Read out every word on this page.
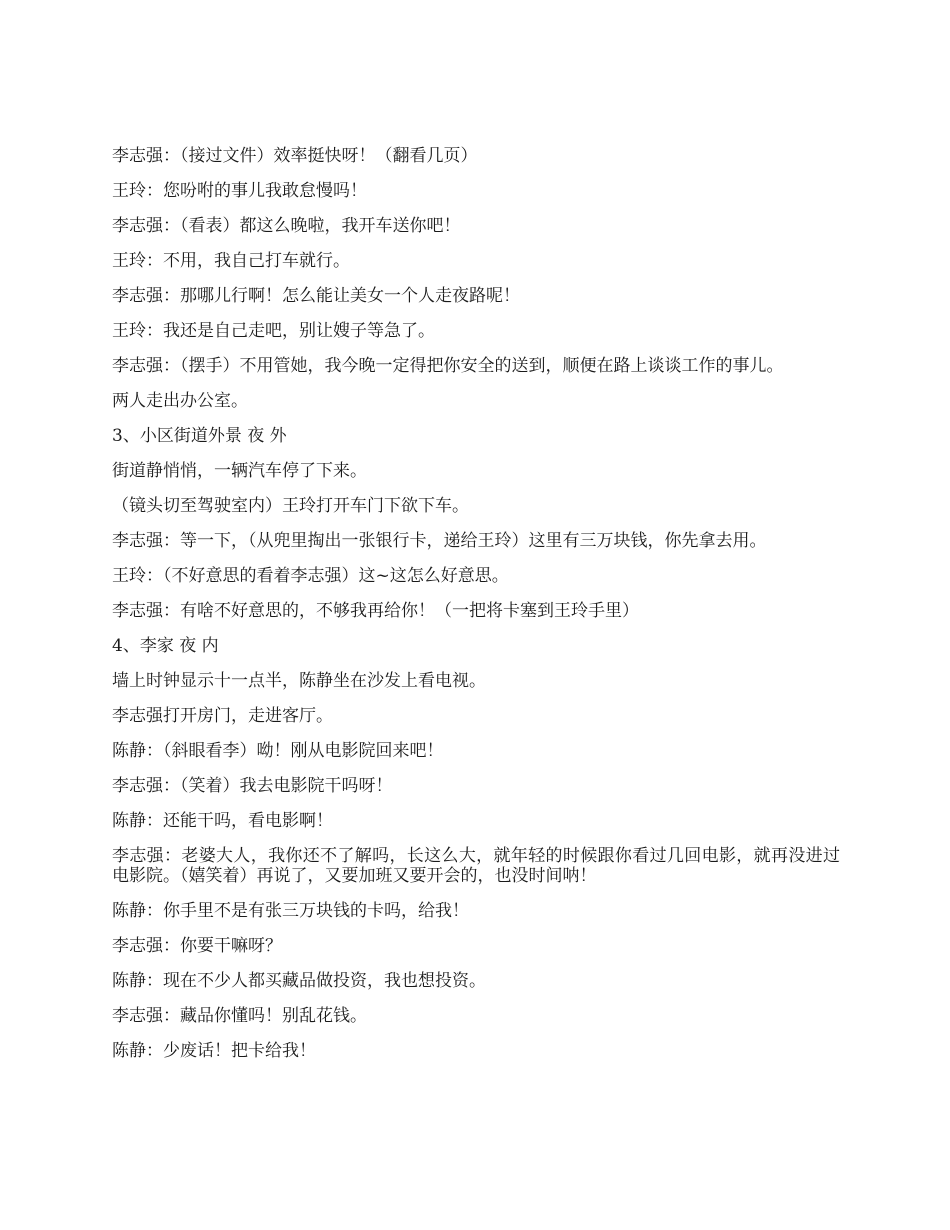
李志强：（接过文件）效率挺快呀！（翻看几页）

王玲：您吩咐的事儿我敢怠慢吗！

李志强：（看表）都这么晚啦，我开车送你吧！

王玲：不用，我自己打车就行。

李志强：那哪儿行啊！怎么能让美女一个人走夜路呢！

王玲：我还是自己走吧，别让嫂子等急了。

李志强：（摆手）不用管她，我今晚一定得把你安全的送到，顺便在路上谈谈工作的事儿。

两人走出办公室。

3、小区街道外景 夜 外

街道静悄悄，一辆汽车停了下来。

（镜头切至驾驶室内）王玲打开车门下欲下车。

李志强：等一下，（从兜里掏出一张银行卡，递给王玲）这里有三万块钱，你先拿去用。

王玲：（不好意思的看着李志强）这~这怎么好意思。

李志强：有啥不好意思的，不够我再给你！（一把将卡塞到王玲手里）

4、李家 夜 内

墙上时钟显示十一点半，陈静坐在沙发上看电视。

李志强打开房门，走进客厅。

陈静：（斜眼看李）呦！刚从电影院回来吧！

李志强：（笑着）我去电影院干吗呀！

陈静：还能干吗，看电影啊！

李志强：老婆大人，我你还不了解吗，长这么大，就年轻的时候跟你看过几回电影，就再没进过电影院。（嬉笑着）再说了，又要加班又要开会的，也没时间呐！

陈静：你手里不是有张三万块钱的卡吗，给我！

李志强：你要干嘛呀？

陈静：现在不少人都买藏品做投资，我也想投资。

李志强：藏品你懂吗！别乱花钱。

陈静：少废话！把卡给我！
